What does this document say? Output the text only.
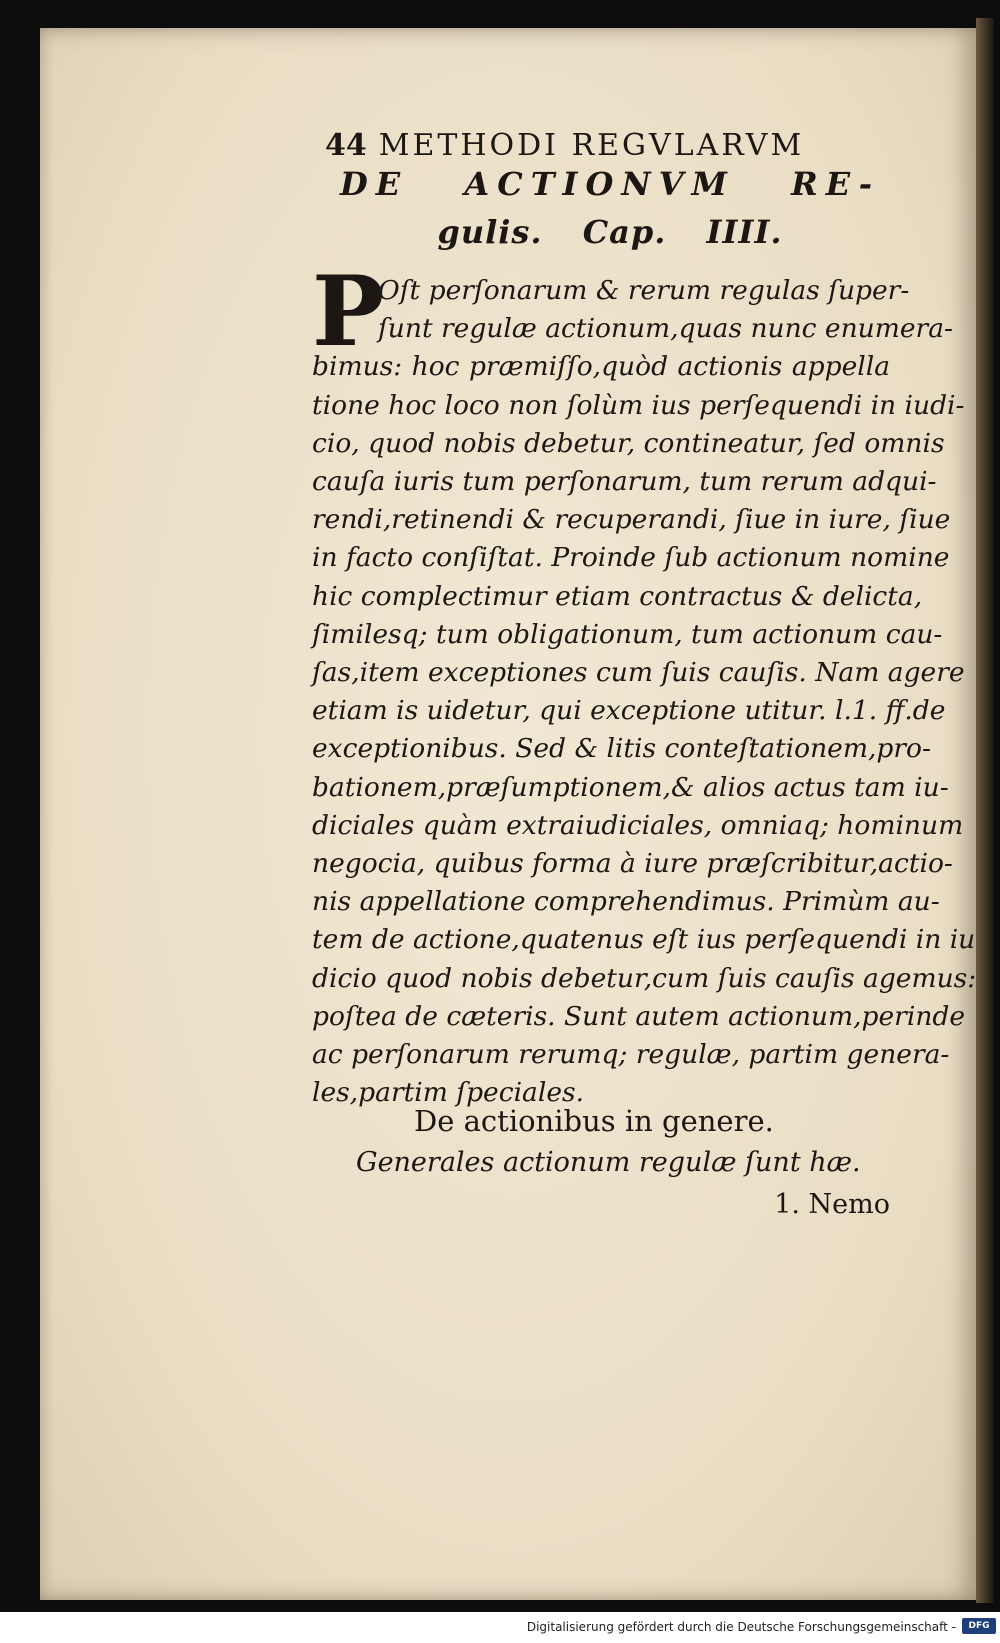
44 METHODI REGVLARVM
DE ACTIONVM RE-
gulis. Cap. IIII.
P
Oſt perſonarum & rerum regulas ſuper-
ſunt regulæ actionum,quas nunc enumera-
bimus: hoc præmiſſo,quòd actionis appella
tione hoc loco non ſolùm ius perſequendi in iudi-
cio, quod nobis debetur, contineatur, ſed omnis
cauſa iuris tum perſonarum, tum rerum adqui-
rendi,retinendi & recuperandi, ſiue in iure, ſiue
in facto conſiſtat. Proinde ſub actionum nomine
hic complectimur etiam contractus & delicta,
ſimilesq; tum obligationum, tum actionum cau-
ſas,item exceptiones cum ſuis cauſis. Nam agere
etiam is uidetur, qui exceptione utitur. l.1. ff.de
exceptionibus. Sed & litis conteſtationem,pro-
bationem,præſumptionem,& alios actus tam iu-
diciales quàm extraiudiciales, omniaq; hominum
negocia, quibus forma à iure præſcribitur,actio-
nis appellatione comprehendimus. Primùm au-
tem de actione,quatenus eſt ius perſequendi in iu
dicio quod nobis debetur,cum ſuis cauſis agemus:
poſtea de cæteris. Sunt autem actionum,perinde
ac perſonarum rerumq; regulæ, partim genera-
les,partim ſpeciales.
De actionibus in genere.
Generales actionum regulæ ſunt hæ.
1. Nemo
Digitalisierung gefördert durch die Deutsche Forschungsgemeinschaft -	DFG
